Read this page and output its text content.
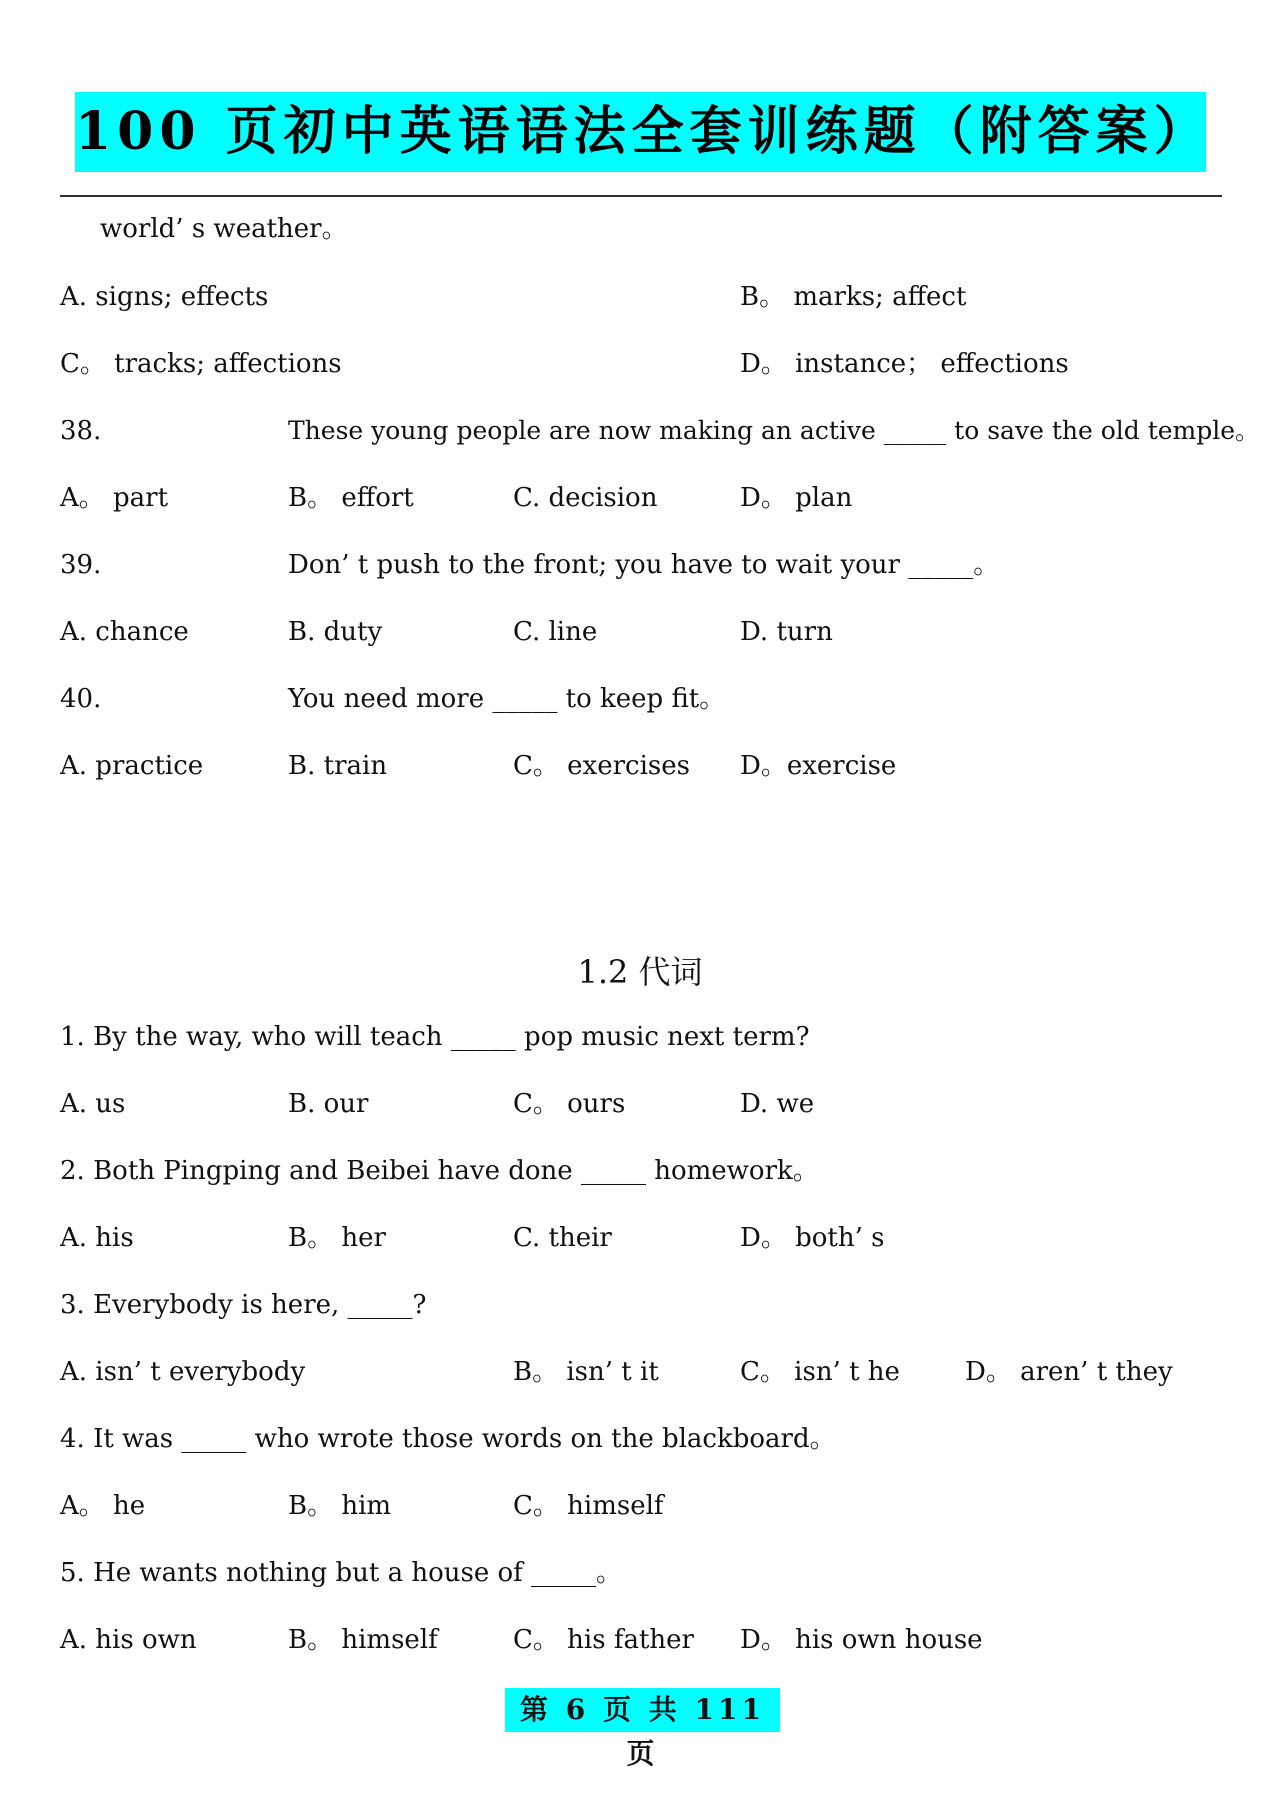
100 页初中英语语法全套训练题（附答案）
world’ s weather。
A. signs; effects	B。 marks; affect
C。 tracks; affections	D。 instance； effections
38.	These young people are now making an active _____ to save the old temple。
A。 part	B。 effort	C. decision	D。 plan
39.	Don’ t push to the front; you have to wait your _____。
A. chance	B. duty	C. line	D. turn
40.	You need more _____ to keep fit。
A. practice	B. train	C。 exercises D。exercise
1.2 代词
1. By the way, who will teach _____ pop music next term?
A. us	B. our	C。 ours	D. we
2. Both Pingping and Beibei have done _____ homework。
A. his	B。 her	C. their	D。 both’ s
3. Everybody is here, _____?
A. isn’ t everybody	B。 isn’ t it	C。 isn’ t he	D。 aren’ t they
4. It was _____ who wrote those words on the blackboard。
A。 he	B。 him	C。 himself
5. He wants nothing but a house of _____。
A. his own	B。 himself	C。 his father D。 his own house
第 6 页 共 111 页
